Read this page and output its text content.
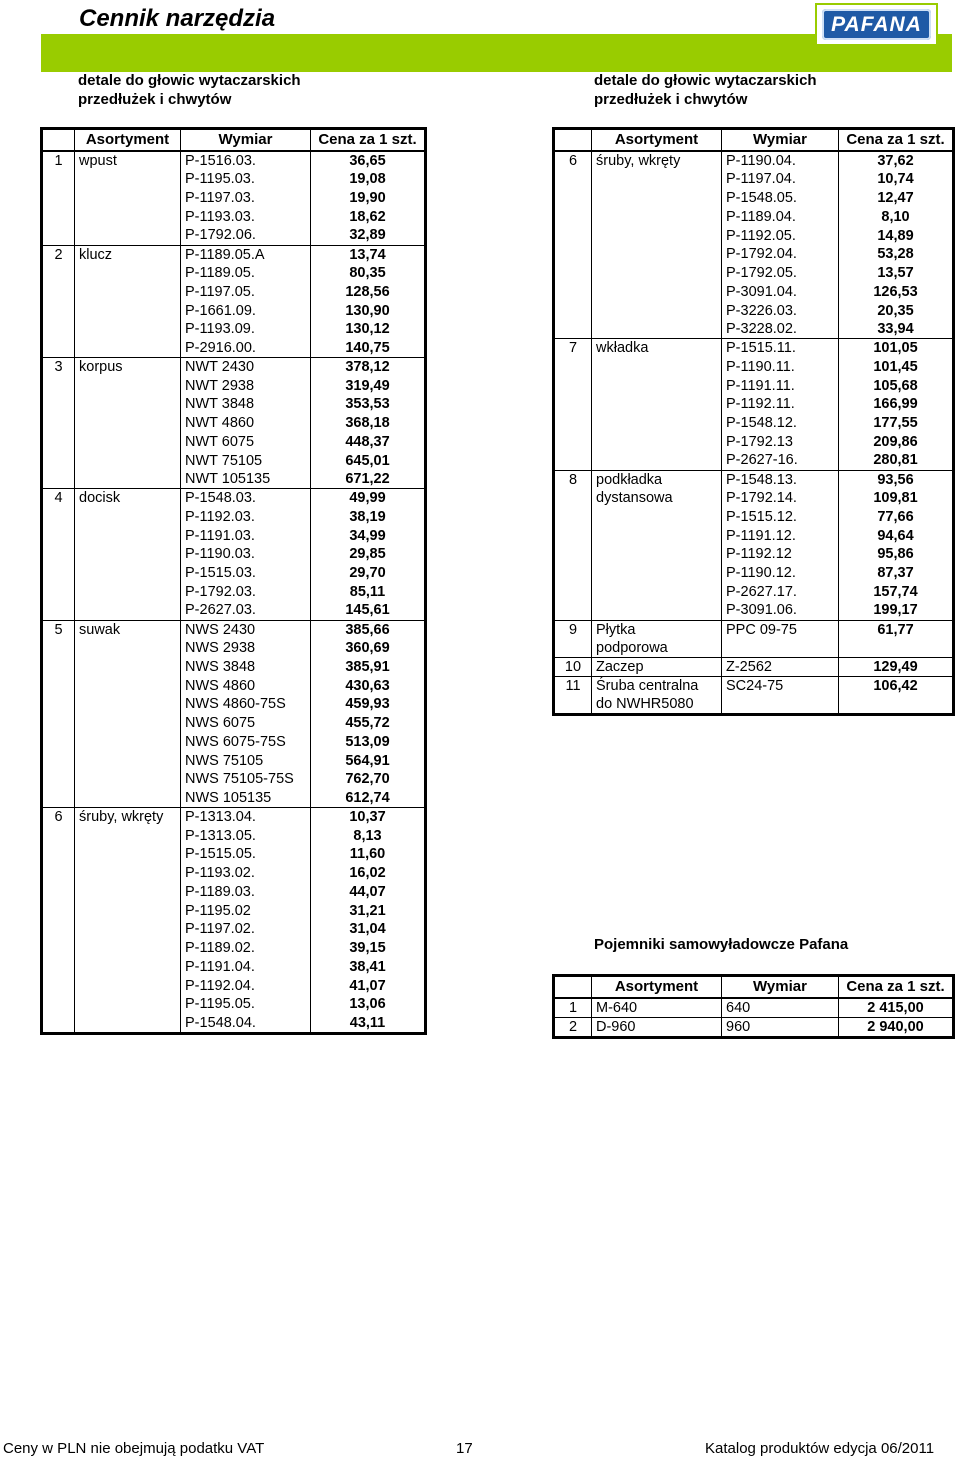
Cennik narzędzia	PAFANA
detale do głowic wytaczarskich
przedłużek i chwytów
detale do głowic wytaczarskich
przedłużek i chwytów
	Asortyment	Wymiar	Cena za 1 szt.
1	wpust	P-1516.03.	36,65
		P-1195.03.	19,08
		P-1197.03.	19,90
		P-1193.03.	18,62
		P-1792.06.	32,89
2	klucz	P-1189.05.A	13,74
		P-1189.05.	80,35
		P-1197.05.	128,56
		P-1661.09.	130,90
		P-1193.09.	130,12
		P-2916.00.	140,75
3	korpus	NWT 2430	378,12
		NWT 2938	319,49
		NWT 3848	353,53
		NWT 4860	368,18
		NWT 6075	448,37
		NWT 75105	645,01
		NWT 105135	671,22
4	docisk	P-1548.03.	49,99
		P-1192.03.	38,19
		P-1191.03.	34,99
		P-1190.03.	29,85
		P-1515.03.	29,70
		P-1792.03.	85,11
		P-2627.03.	145,61
5	suwak	NWS 2430	385,66
		NWS 2938	360,69
		NWS 3848	385,91
		NWS 4860	430,63
		NWS 4860-75S	459,93
		NWS 6075	455,72
		NWS 6075-75S	513,09
		NWS 75105	564,91
		NWS 75105-75S	762,70
		NWS 105135	612,74
6	śruby, wkręty	P-1313.04.	10,37
		P-1313.05.	8,13
		P-1515.05.	11,60
		P-1193.02.	16,02
		P-1189.03.	44,07
		P-1195.02	31,21
		P-1197.02.	31,04
		P-1189.02.	39,15
		P-1191.04.	38,41
		P-1192.04.	41,07
		P-1195.05.	13,06
		P-1548.04.	43,11
	Asortyment	Wymiar	Cena za 1 szt.
6	śruby, wkręty	P-1190.04.	37,62
		P-1197.04.	10,74
		P-1548.05.	12,47
		P-1189.04.	8,10
		P-1192.05.	14,89
		P-1792.04.	53,28
		P-1792.05.	13,57
		P-3091.04.	126,53
		P-3226.03.	20,35
		P-3228.02.	33,94
7	wkładka	P-1515.11.	101,05
		P-1190.11.	101,45
		P-1191.11.	105,68
		P-1192.11.	166,99
		P-1548.12.	177,55
		P-1792.13	209,86
		P-2627-16.	280,81
8	podkładka	P-1548.13.	93,56
	dystansowa	P-1792.14.	109,81
		P-1515.12.	77,66
		P-1191.12.	94,64
		P-1192.12	95,86
		P-1190.12.	87,37
		P-2627.17.	157,74
		P-3091.06.	199,17
9	Płytka	PPC 09-75	61,77
	podporowa		
10	Zaczep	Z-2562	129,49
11	Śruba centralna	SC24-75	106,42
	do NWHR5080		
Pojemniki samowyładowcze Pafana
	Asortyment	Wymiar	Cena za 1 szt.
1	M-640	640	2 415,00
2	D-960	960	2 940,00
Ceny w PLN nie obejmują podatku VAT	17	Katalog produktów edycja 06/2011
